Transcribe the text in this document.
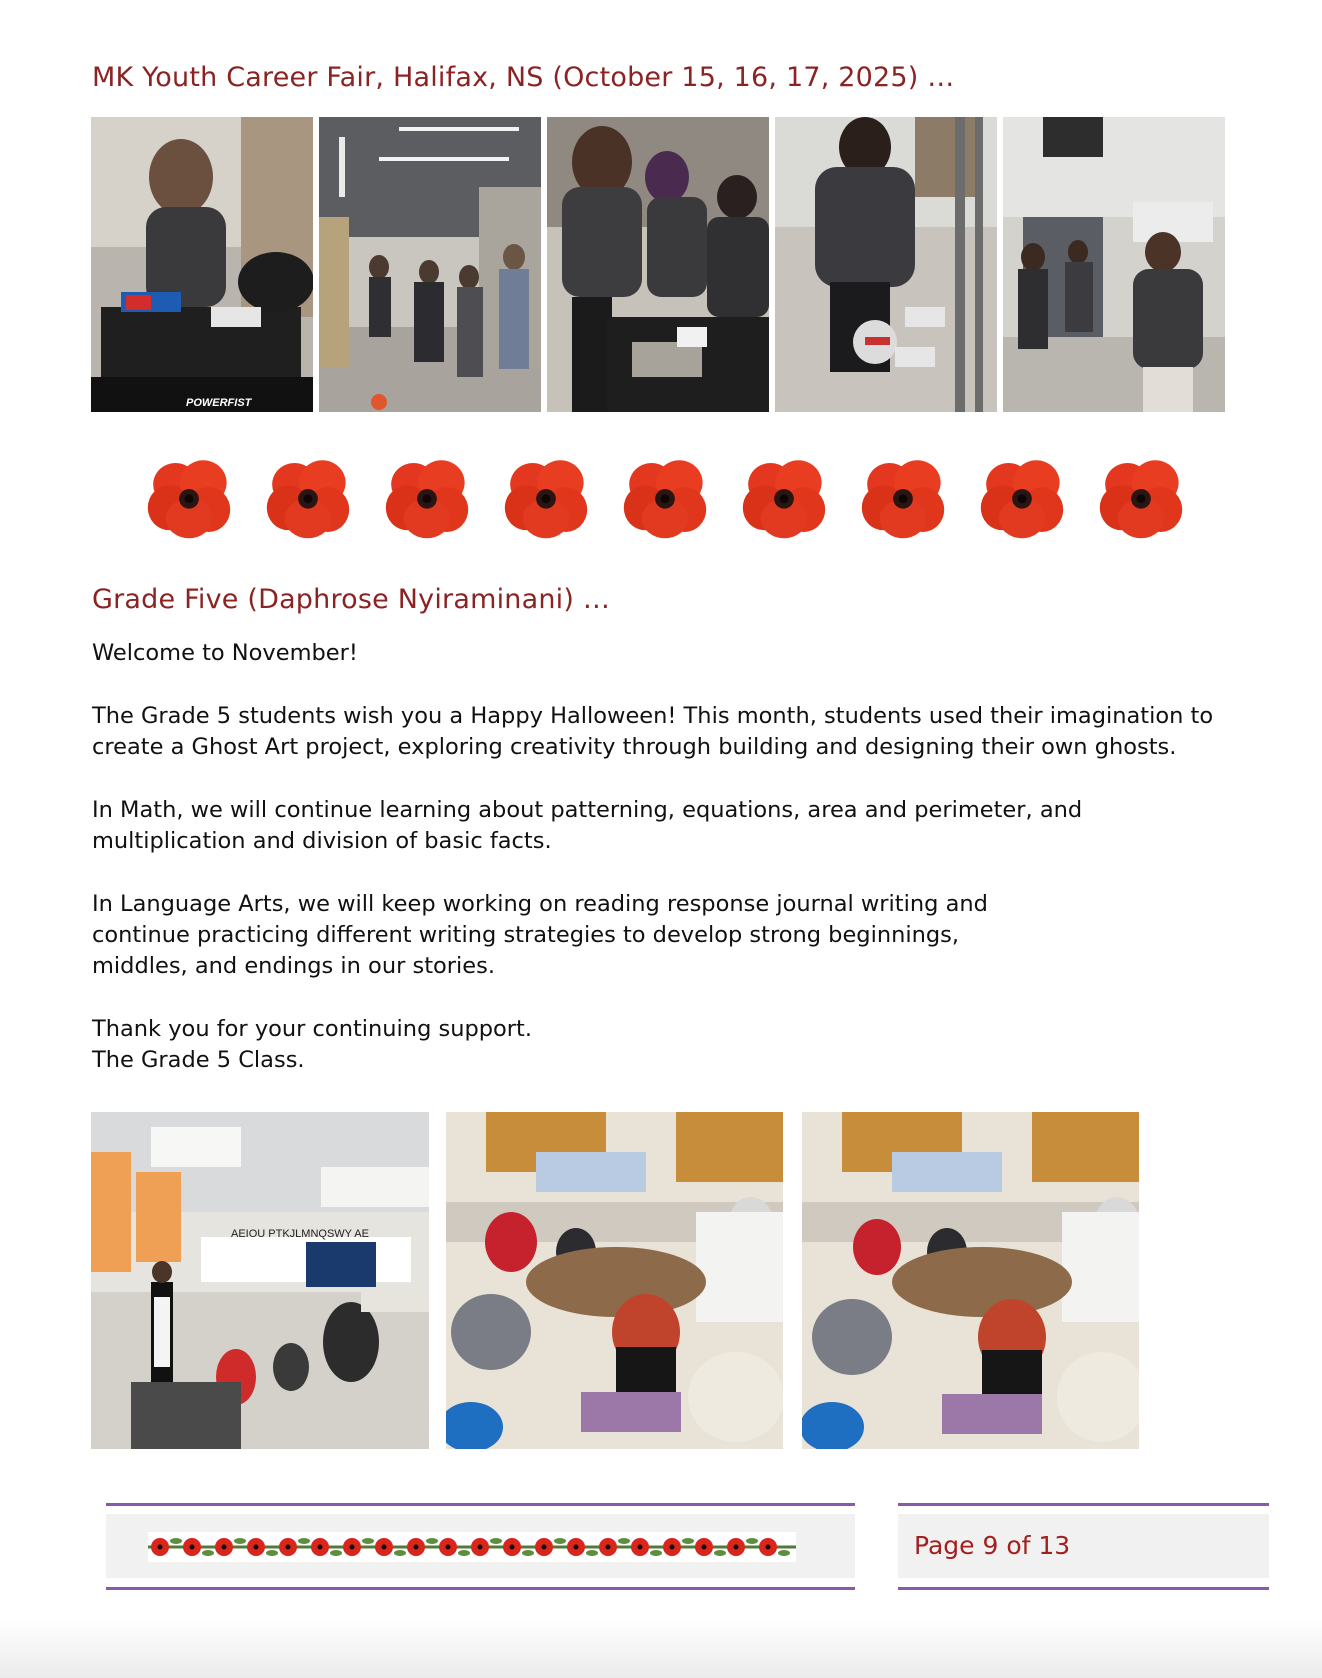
MK Youth Career Fair, Halifax, NS (October 15, 16, 17, 2025) …
POWERFIST
Grade Five (Daphrose Nyiraminani) …

Welcome to November!

The Grade 5 students wish you a Happy Halloween! This month, students used their imagination to create a Ghost Art project, exploring creativity through building and designing their own ghosts.

In Math, we will continue learning about patterning, equations, area and perimeter, and multiplication and division of basic facts.

In Language Arts, we will keep working on reading response journal writing and

continue practicing different writing strategies to develop strong beginnings,

middles, and endings in our stories.

Thank you for your continuing support.

The Grade 5 Class.

AEIOU PTKJLMNQSWY AE
Page 9 of 13
